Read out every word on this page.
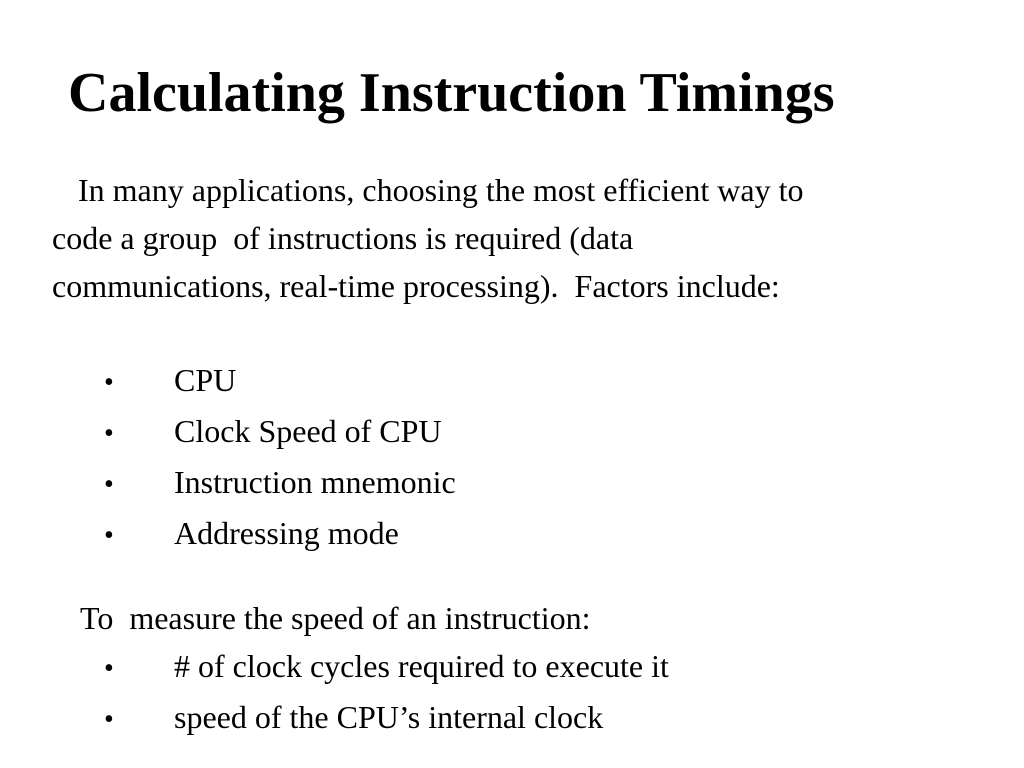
Calculating Instruction Timings

In many applications, choosing the most efficient way to
code a group  of instructions is required (data
communications, real-time processing).  Factors include:

•	CPU
•	Clock Speed of CPU
•	Instruction mnemonic
•	Addressing mode

To  measure the speed of an instruction:

•	# of clock cycles required to execute it
•	speed of the CPU’s internal clock
